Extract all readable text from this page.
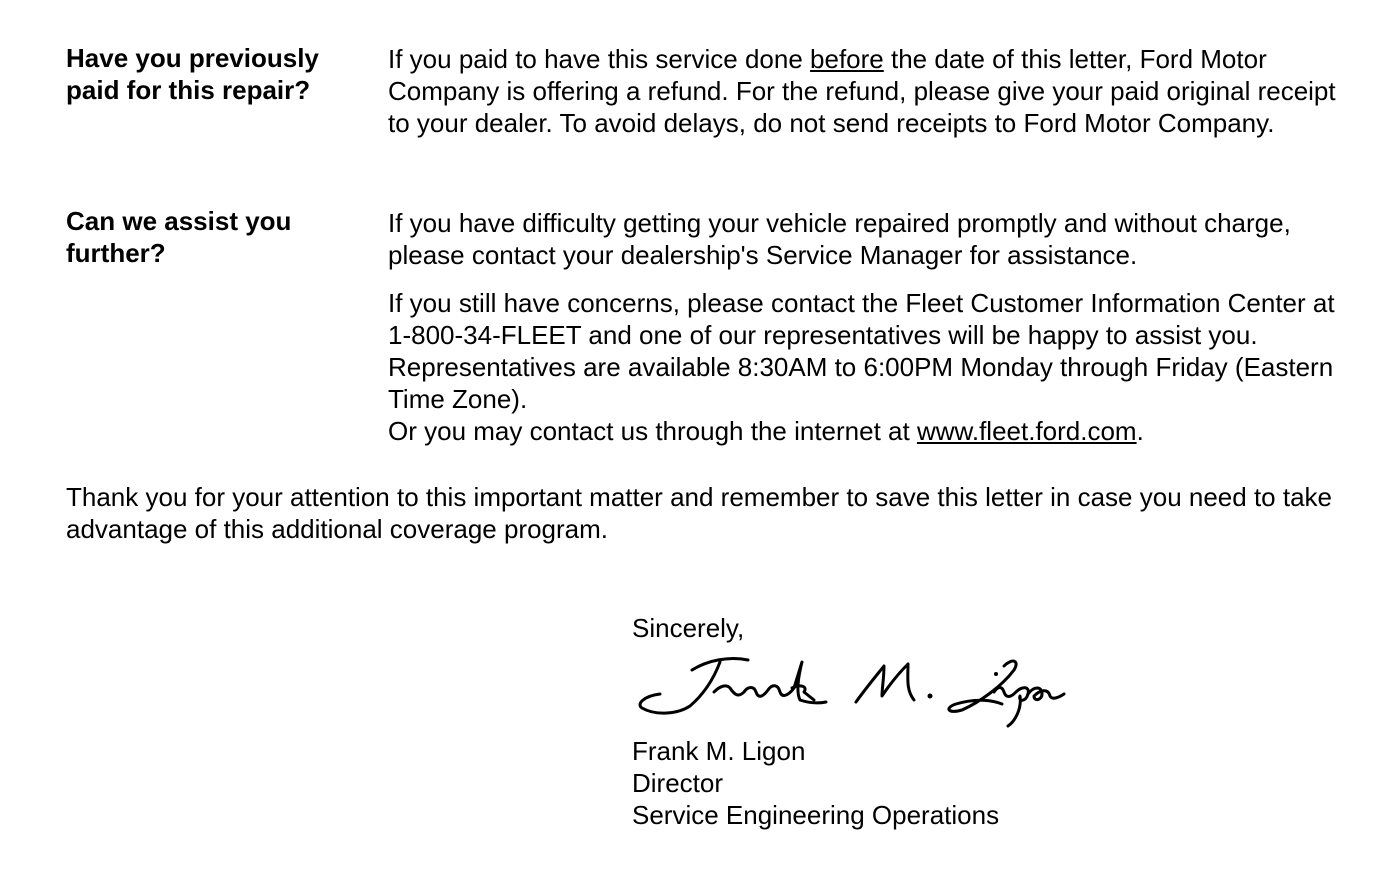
Have you previously
paid for this repair?

If you paid to have this service done before the date of this letter, Ford Motor Company is offering a refund. For the refund, please give your paid original receipt to your dealer. To avoid delays, do not send receipts to Ford Motor Company.

Can we assist you
further?

If you have difficulty getting your vehicle repaired promptly and without charge, please contact your dealership's Service Manager for assistance.

If you still have concerns, please contact the Fleet Customer Information Center at 1-800-34-FLEET and one of our representatives will be happy to assist you. Representatives are available 8:30AM to 6:00PM Monday through Friday (Eastern Time Zone).

Or you may contact us through the internet at www.fleet.ford.com.

Thank you for your attention to this important matter and remember to save this letter in case you need to take advantage of this additional coverage program.
Sincerely,
Frank M. Ligon
Director
Service Engineering Operations
